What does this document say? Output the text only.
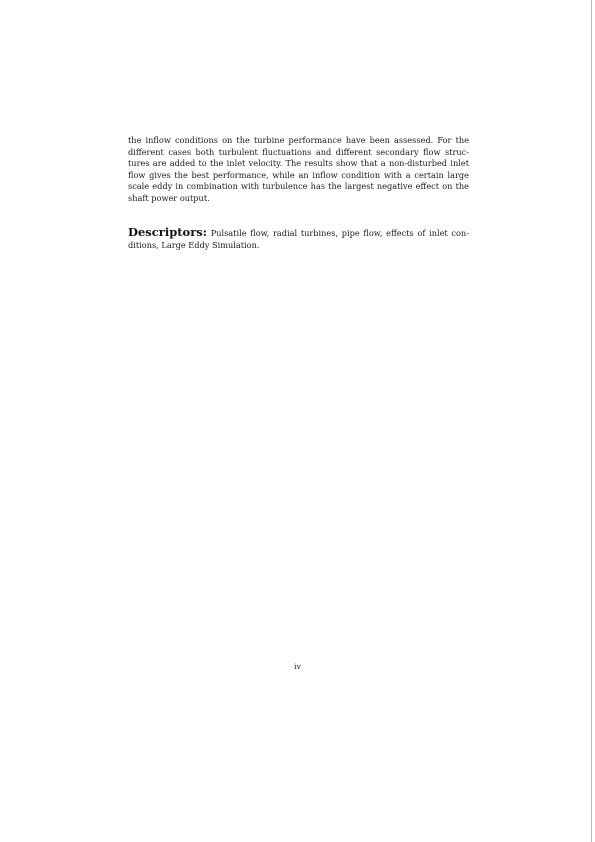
the inflow conditions on the turbine performance have been assessed. For the different cases both turbulent fluctuations and different secondary flow structures are added to the inlet velocity. The results show that a non-disturbed inlet flow gives the best performance, while an inflow condition with a certain large scale eddy in combination with turbulence has the largest negative effect on the shaft power output.

Descriptors: Pulsatile flow, radial turbines, pipe flow, effects of inlet conditions, Large Eddy Simulation.

iv
